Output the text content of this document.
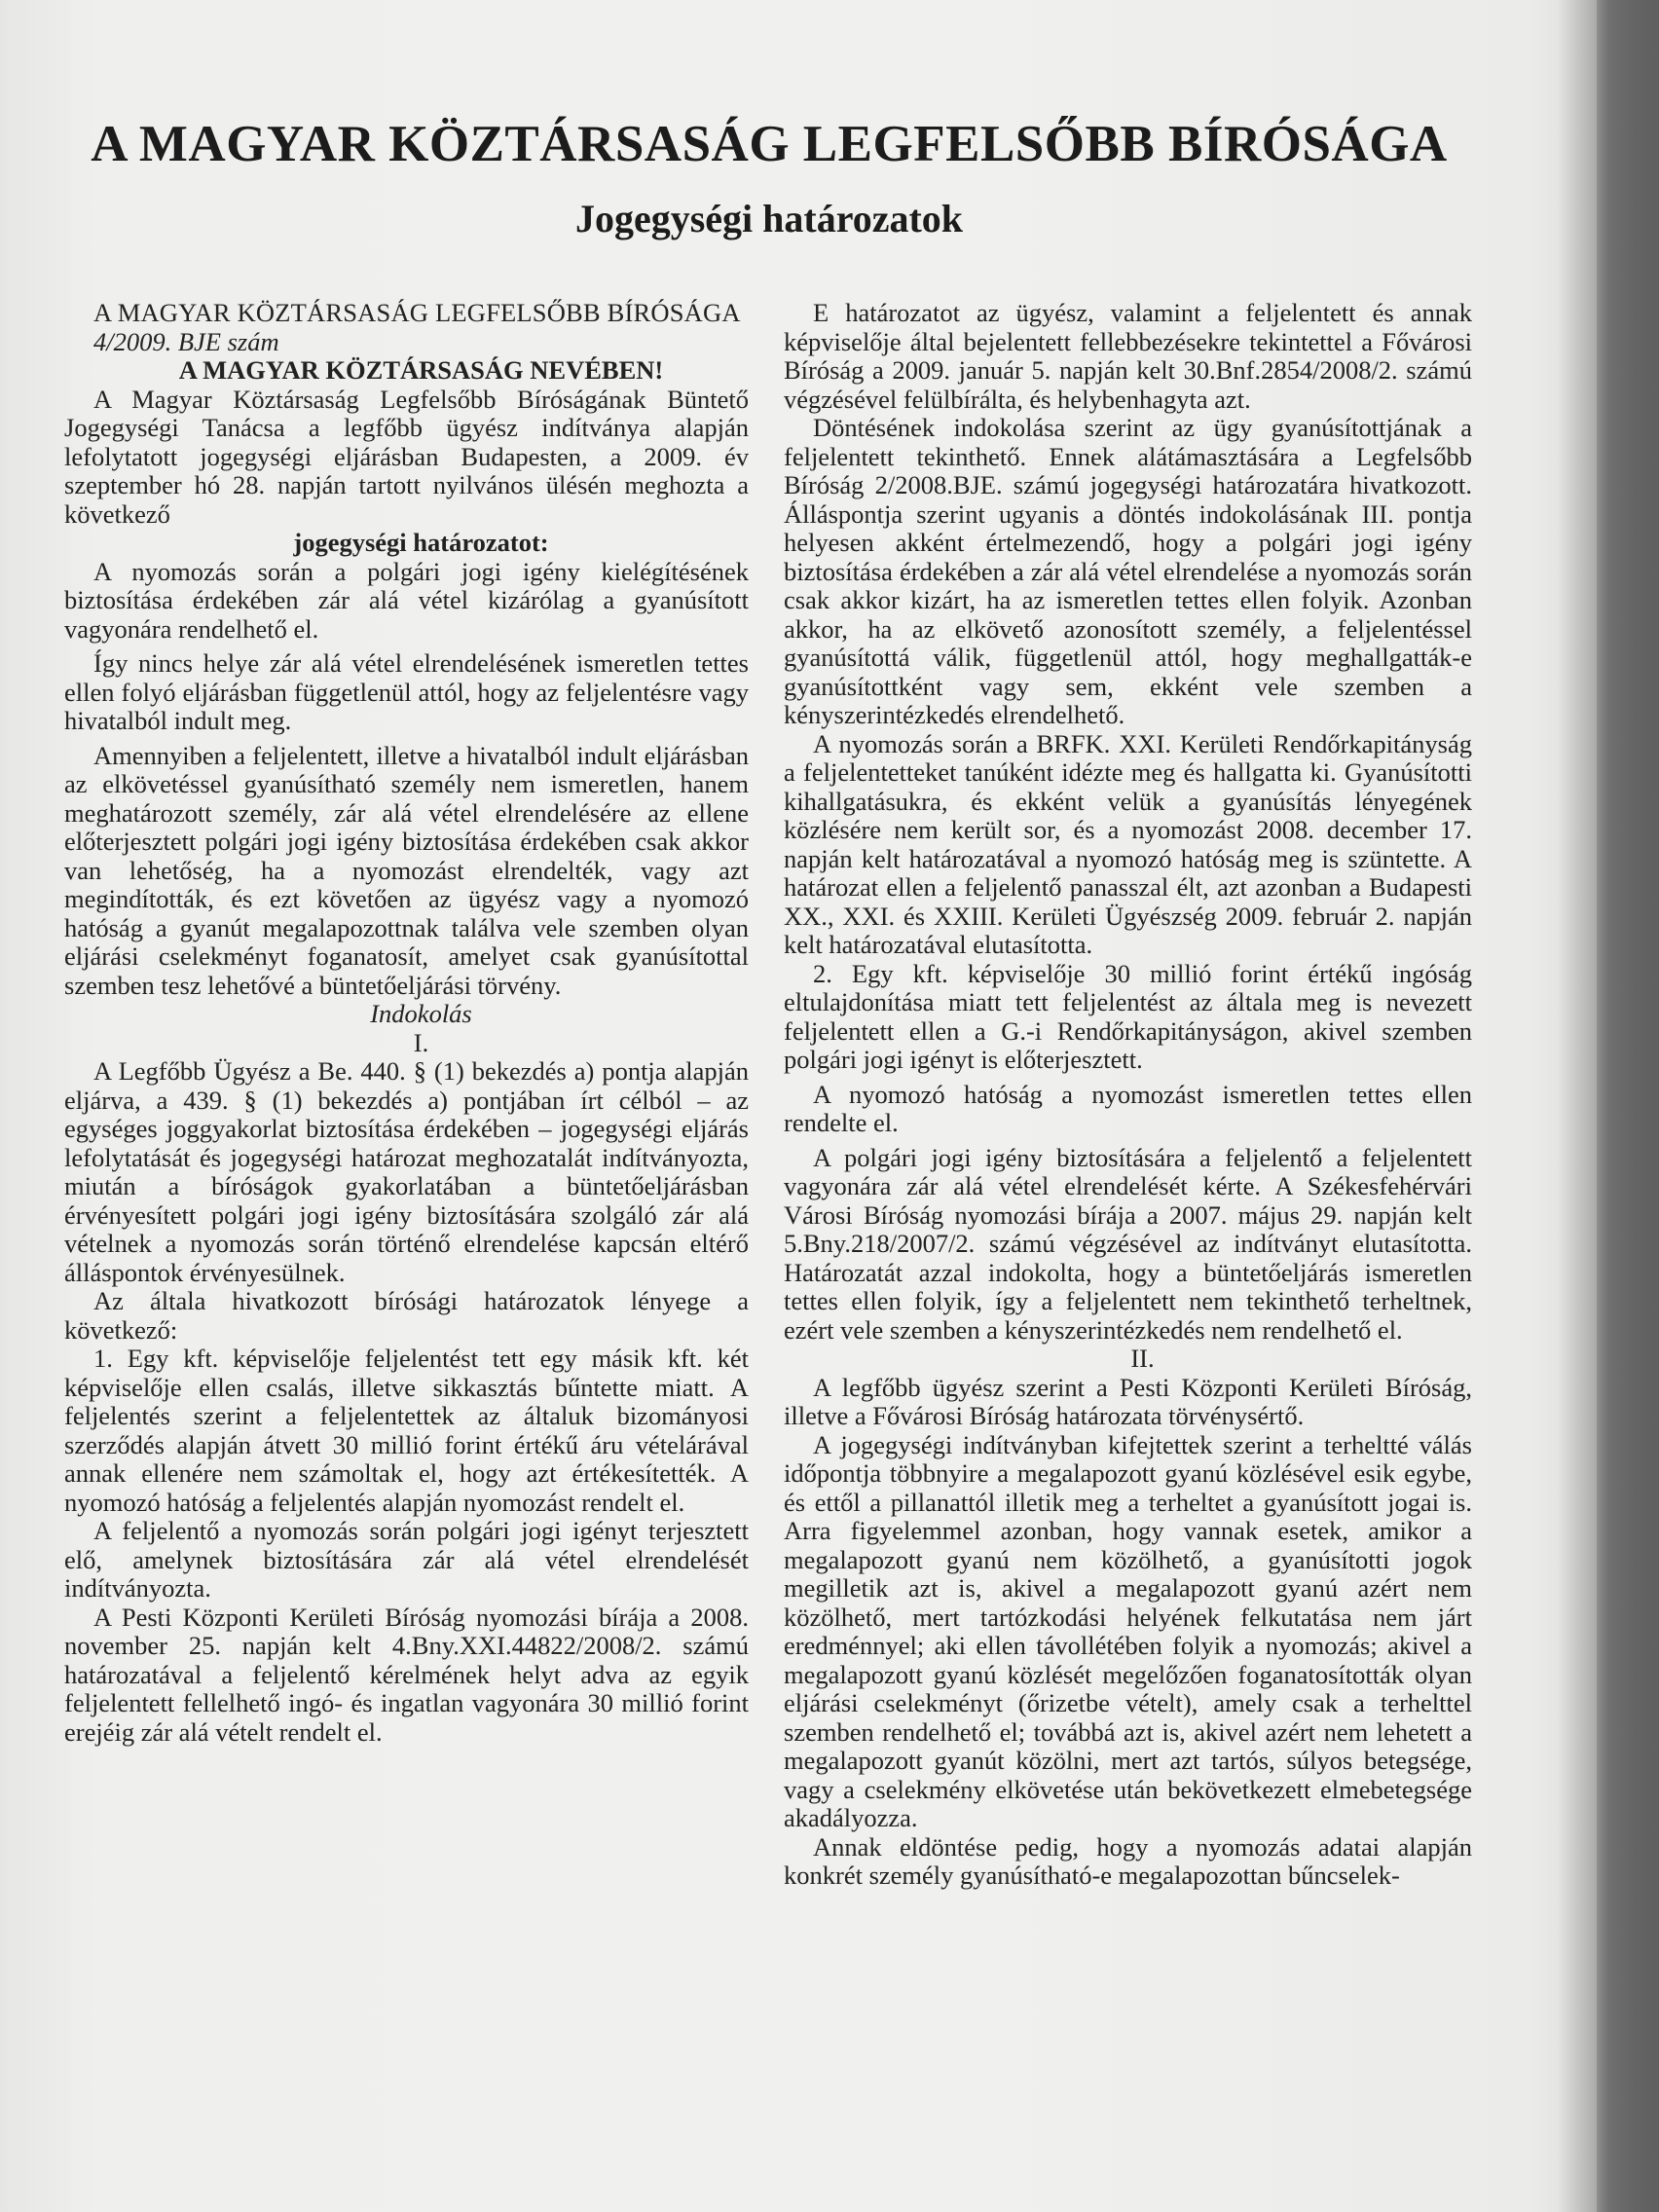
A MAGYAR KÖZTÁRSASÁG LEGFELSŐBB BÍRÓSÁGA
Jogegységi határozatok

A MAGYAR KÖZTÁRSASÁG LEGFELSŐBB BÍRÓSÁGA

4/2009. BJE szám

A MAGYAR KÖZTÁRSASÁG NEVÉBEN!

A Magyar Köztársaság Legfelsőbb Bíróságának Büntető Jogegységi Tanácsa a legfőbb ügyész indítványa alapján lefolytatott jogegységi eljárásban Budapesten, a 2009. év szeptember hó 28. napján tartott nyilvános ülésén meghozta a következő

jogegységi határozatot:

A nyomozás során a polgári jogi igény kielégítésének biztosítása érdekében zár alá vétel kizárólag a gyanúsított vagyonára rendelhető el.

Így nincs helye zár alá vétel elrendelésének ismeretlen tettes ellen folyó eljárásban függetlenül attól, hogy az feljelentésre vagy hivatalból indult meg.

Amennyiben a feljelentett, illetve a hivatalból indult eljárásban az elkövetéssel gyanúsítható személy nem ismeretlen, hanem meghatározott személy, zár alá vétel elrendelésére az ellene előterjesztett polgári jogi igény biztosítása érdekében csak akkor van lehetőség, ha a nyomozást elrendelték, vagy azt megindították, és ezt követően az ügyész vagy a nyomozó hatóság a gyanút megalapozottnak találva vele szemben olyan eljárási cselekményt foganatosít, amelyet csak gyanúsítottal szemben tesz lehetővé a büntetőeljárási törvény.

Indokolás

I.

A Legfőbb Ügyész a Be. 440. § (1) bekezdés a) pontja alapján eljárva, a 439. § (1) bekezdés a) pontjában írt célból – az egységes joggyakorlat biztosítása érdekében – jogegységi eljárás lefolytatását és jogegységi határozat meghozatalát indítványozta, miután a bíróságok gyakorlatában a büntetőeljárásban érvényesített polgári jogi igény biztosítására szolgáló zár alá vételnek a nyomozás során történő elrendelése kapcsán eltérő álláspontok érvényesülnek.

Az általa hivatkozott bírósági határozatok lényege a következő:

1. Egy kft. képviselője feljelentést tett egy másik kft. két képviselője ellen csalás, illetve sikkasztás bűntette miatt. A feljelentés szerint a feljelentettek az általuk bizományosi szerződés alapján átvett 30 millió forint értékű áru vételárával annak ellenére nem számoltak el, hogy azt értékesítették. A nyomozó hatóság a feljelentés alapján nyomozást rendelt el.

A feljelentő a nyomozás során polgári jogi igényt terjesztett elő, amelynek biztosítására zár alá vétel elrendelését indítványozta.

A Pesti Központi Kerületi Bíróság nyomozási bírája a 2008. november 25. napján kelt 4.Bny.XXI.44822/2008/2. számú határozatával a feljelentő kérelmének helyt adva az egyik feljelentett fellelhető ingó- és ingatlan vagyonára 30 millió forint erejéig zár alá vételt rendelt el.

E határozatot az ügyész, valamint a feljelentett és annak képviselője által bejelentett fellebbezésekre tekintettel a Fővárosi Bíróság a 2009. január 5. napján kelt 30.Bnf.2854/2008/2. számú végzésével felülbírálta, és helybenhagyta azt.

Döntésének indokolása szerint az ügy gyanúsítottjának a feljelentett tekinthető. Ennek alátámasztására a Legfelsőbb Bíróság 2/2008.BJE. számú jogegységi határozatára hivatkozott. Álláspontja szerint ugyanis a döntés indokolásának III. pontja helyesen akként értelmezendő, hogy a polgári jogi igény biztosítása érdekében a zár alá vétel elrendelése a nyomozás során csak akkor kizárt, ha az ismeretlen tettes ellen folyik. Azonban akkor, ha az elkövető azonosított személy, a feljelentéssel gyanúsítottá válik, függetlenül attól, hogy meghallgatták-e gyanúsítottként vagy sem, ekként vele szemben a kényszerintézkedés elrendelhető.

A nyomozás során a BRFK. XXI. Kerületi Rendőrkapitányság a feljelentetteket tanúként idézte meg és hallgatta ki. Gyanúsítotti kihallgatásukra, és ekként velük a gyanúsítás lényegének közlésére nem került sor, és a nyomozást 2008. december 17. napján kelt határozatával a nyomozó hatóság meg is szüntette. A határozat ellen a feljelentő panasszal élt, azt azonban a Budapesti XX., XXI. és XXIII. Kerületi Ügyészség 2009. február 2. napján kelt határozatával elutasította.

2. Egy kft. képviselője 30 millió forint értékű ingóság eltulajdonítása miatt tett feljelentést az általa meg is nevezett feljelentett ellen a G.-i Rendőrkapitányságon, akivel szemben polgári jogi igényt is előterjesztett.

A nyomozó hatóság a nyomozást ismeretlen tettes ellen rendelte el.

A polgári jogi igény biztosítására a feljelentő a feljelentett vagyonára zár alá vétel elrendelését kérte. A Székesfehérvári Városi Bíróság nyomozási bírája a 2007. május 29. napján kelt 5.Bny.218/2007/2. számú végzésével az indítványt elutasította. Határozatát azzal indokolta, hogy a büntetőeljárás ismeretlen tettes ellen folyik, így a feljelentett nem tekinthető terheltnek, ezért vele szemben a kényszerintézkedés nem rendelhető el.

II.

A legfőbb ügyész szerint a Pesti Központi Kerületi Bíróság, illetve a Fővárosi Bíróság határozata törvénysértő.

A jogegységi indítványban kifejtettek szerint a terheltté válás időpontja többnyire a megalapozott gyanú közlésével esik egybe, és ettől a pillanattól illetik meg a terheltet a gyanúsított jogai is. Arra figyelemmel azonban, hogy vannak esetek, amikor a megalapozott gyanú nem közölhető, a gyanúsítotti jogok megilletik azt is, akivel a megalapozott gyanú azért nem közölhető, mert tartózkodási helyének felkutatása nem járt eredménnyel; aki ellen távollétében folyik a nyomozás; akivel a megalapozott gyanú közlését megelőzően foganatosították olyan eljárási cselekményt (őrizetbe vételt), amely csak a terhelttel szemben rendelhető el; továbbá azt is, akivel azért nem lehetett a megalapozott gyanút közölni, mert azt tartós, súlyos betegsége, vagy a cselekmény elkövetése után bekövetkezett elmebetegsége akadályozza.

Annak eldöntése pedig, hogy a nyomozás adatai alapján konkrét személy gyanúsítható-e megalapozottan bűncselek-
